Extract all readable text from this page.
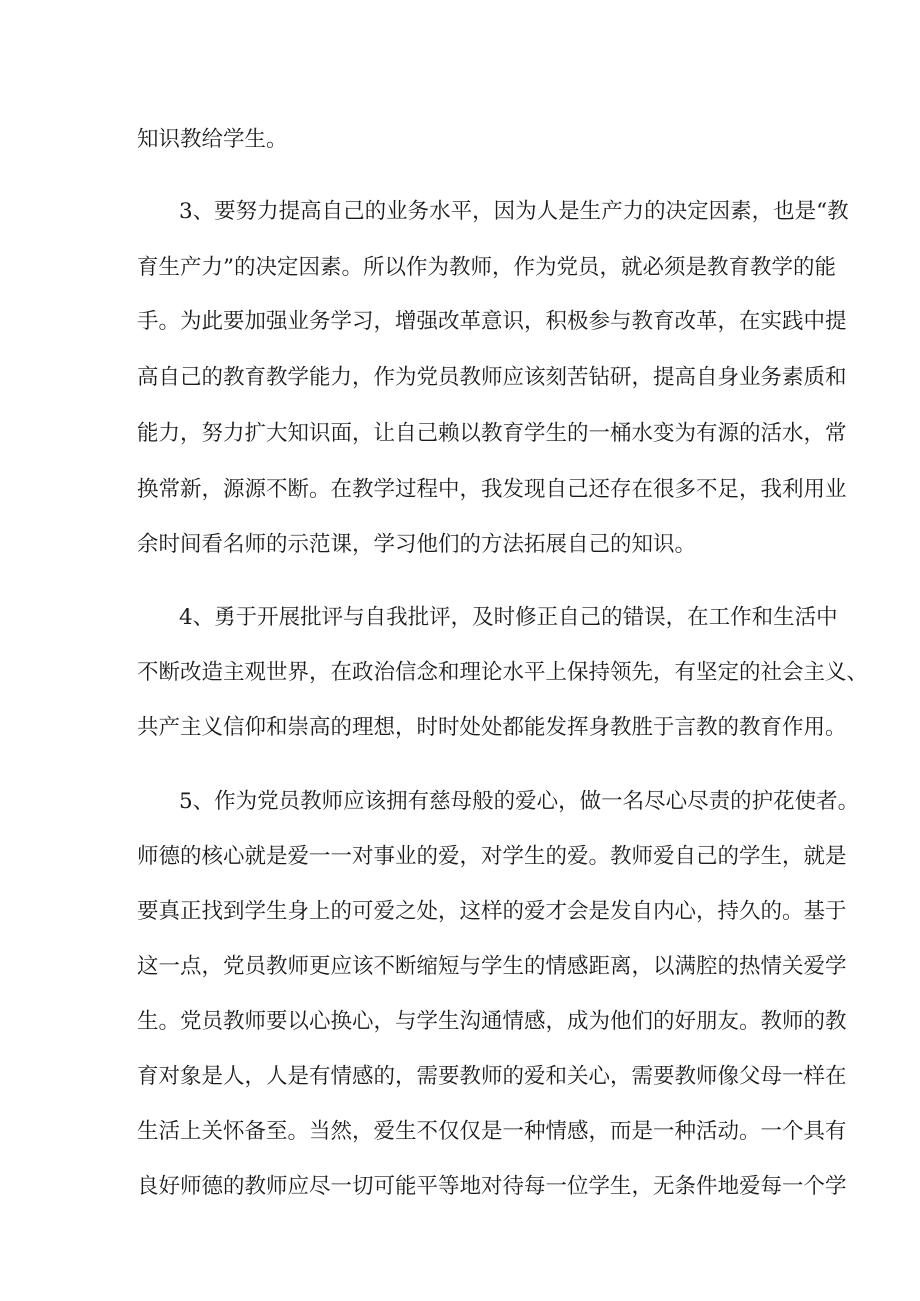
知识教给学生。
3、要努力提高自己的业务水平，因为人是生产力的决定因素，也是“教
育生产力”的决定因素。所以作为教师，作为党员，就必须是教育教学的能
手。为此要加强业务学习，增强改革意识，积极参与教育改革，在实践中提
高自己的教育教学能力，作为党员教师应该刻苦钻研，提高自身业务素质和
能力，努力扩大知识面，让自己赖以教育学生的一桶水变为有源的活水，常
换常新，源源不断。在教学过程中，我发现自己还存在很多不足，我利用业
余时间看名师的示范课，学习他们的方法拓展自己的知识。
4、勇于开展批评与自我批评，及时修正自己的错误，在工作和生活中
不断改造主观世界，在政治信念和理论水平上保持领先，有坚定的社会主义、
共产主义信仰和崇高的理想，时时处处都能发挥身教胜于言教的教育作用。
5、作为党员教师应该拥有慈母般的爱心，做一名尽心尽责的护花使者。
师德的核心就是爱一一对事业的爱，对学生的爱。教师爱自己的学生，就是
要真正找到学生身上的可爱之处，这样的爱才会是发自内心，持久的。基于
这一点，党员教师更应该不断缩短与学生的情感距离，以满腔的热情关爱学
生。党员教师要以心换心，与学生沟通情感，成为他们的好朋友。教师的教
育对象是人，人是有情感的，需要教师的爱和关心，需要教师像父母一样在
生活上关怀备至。当然，爱生不仅仅是一种情感，而是一种活动。一个具有
良好师德的教师应尽一切可能平等地对待每一位学生，无条件地爱每一个学
